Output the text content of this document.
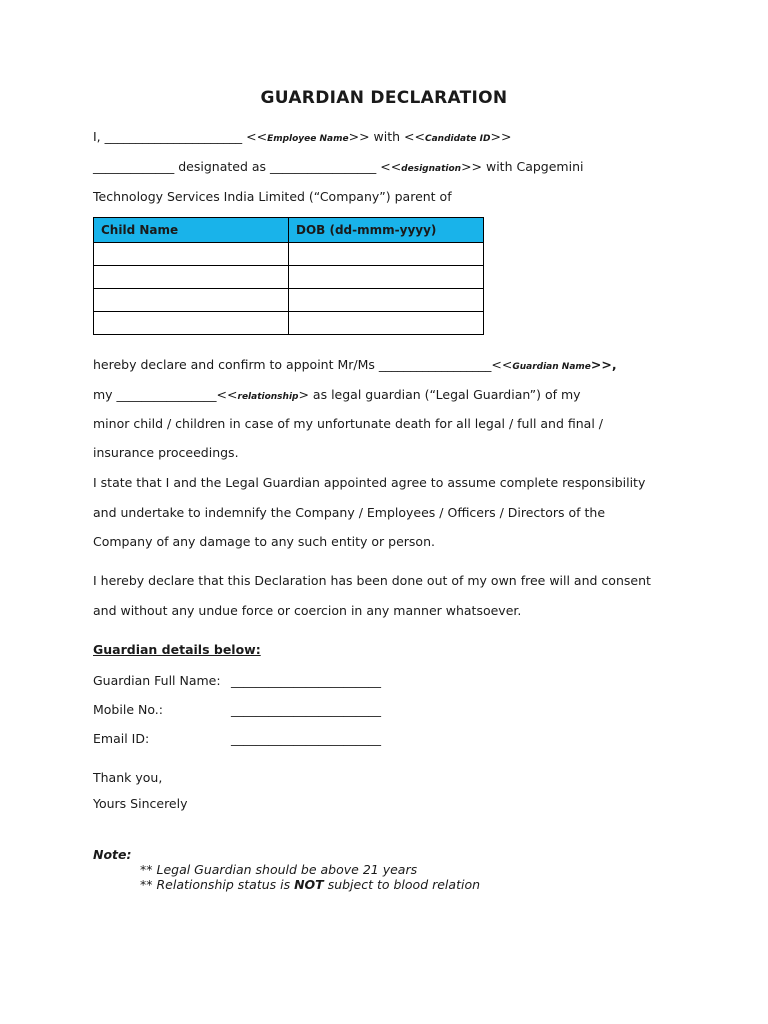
GUARDIAN DECLARATION
I, ______________________ <<Employee Name>> with <<Candidate ID>>
_____________ designated as _________________ <<designation>> with Capgemini
Technology Services India Limited (“Company”) parent of
Child Name	DOB (dd-mmm-yyyy)

hereby declare and confirm to appoint Mr/Ms __________________<<Guardian Name>>,
my ________________<<relationship> as legal guardian (“Legal Guardian”) of my
minor child / children in case of my unfortunate death for all legal / full and final /
insurance proceedings.
I state that I and the Legal Guardian appointed agree to assume complete responsibility
and undertake to indemnify the Company / Employees / Officers / Directors of the
Company of any damage to any such entity or person.
I hereby declare that this Declaration has been done out of my own free will and consent
and without any undue force or coercion in any manner whatsoever.
Guardian details below:
Guardian Full Name: ________________________
Mobile No.:	________________________
Email ID:	________________________
Thank you,
Yours Sincerely
Note:
** Legal Guardian should be above 21 years
** Relationship status is NOT subject to blood relation
